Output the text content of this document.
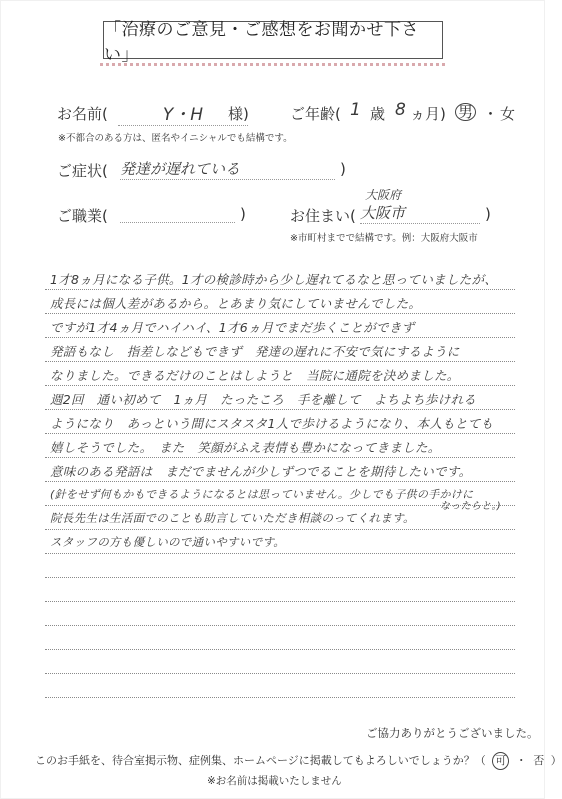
「治療のご意見・ご感想をお聞かせ下さい」
お名前(	Y・H	様)	ご年齢( 1 歳 8 ヵ月) 男 ・ 女
※不都合のある方は、匿名やイニシャルでも結構です。
ご症状( 発達が遅れている	)
ご職業(	)	お住まい(
大阪府
大阪市	)
※市町村までで結構です。例：大阪府大阪市
1才8ヵ月になる子供。1才の検診時から少し遅れてるなと思っていましたが、
成長には個人差があるから。とあまり気にしていませんでした。
ですが1才4ヵ月でハイハイ、1才6ヵ月でまだ歩くことができず
発語もなし　指差しなどもできず　発達の遅れに不安で気にするように
なりました。できるだけのことはしようと　当院に通院を決めました。
週2回　通い初めて　1ヵ月　たったころ　手を離して　よちよち歩けれる
ようになり　あっという間にスタスタ1人で歩けるようになり、本人もとても
嬉しそうでした。　また　笑顔がふえ表情も豊かになってきました。
意味のある発語は　まだでませんが少しずつでることを期待したいです。
(針をせず何もかもできるようになるとは思っていません。少しでも子供の手かけに
なったらと。)
院長先生は生活面でのことも助言していただき相談のってくれます。
スタッフの方も優しいので通いやすいです。
ご協力ありがとうございました。
このお手紙を、待合室掲示物、症例集、ホームページに掲載してもよろしいでしょうか？（ 可 ・ 否 ）
※お名前は掲載いたしません
